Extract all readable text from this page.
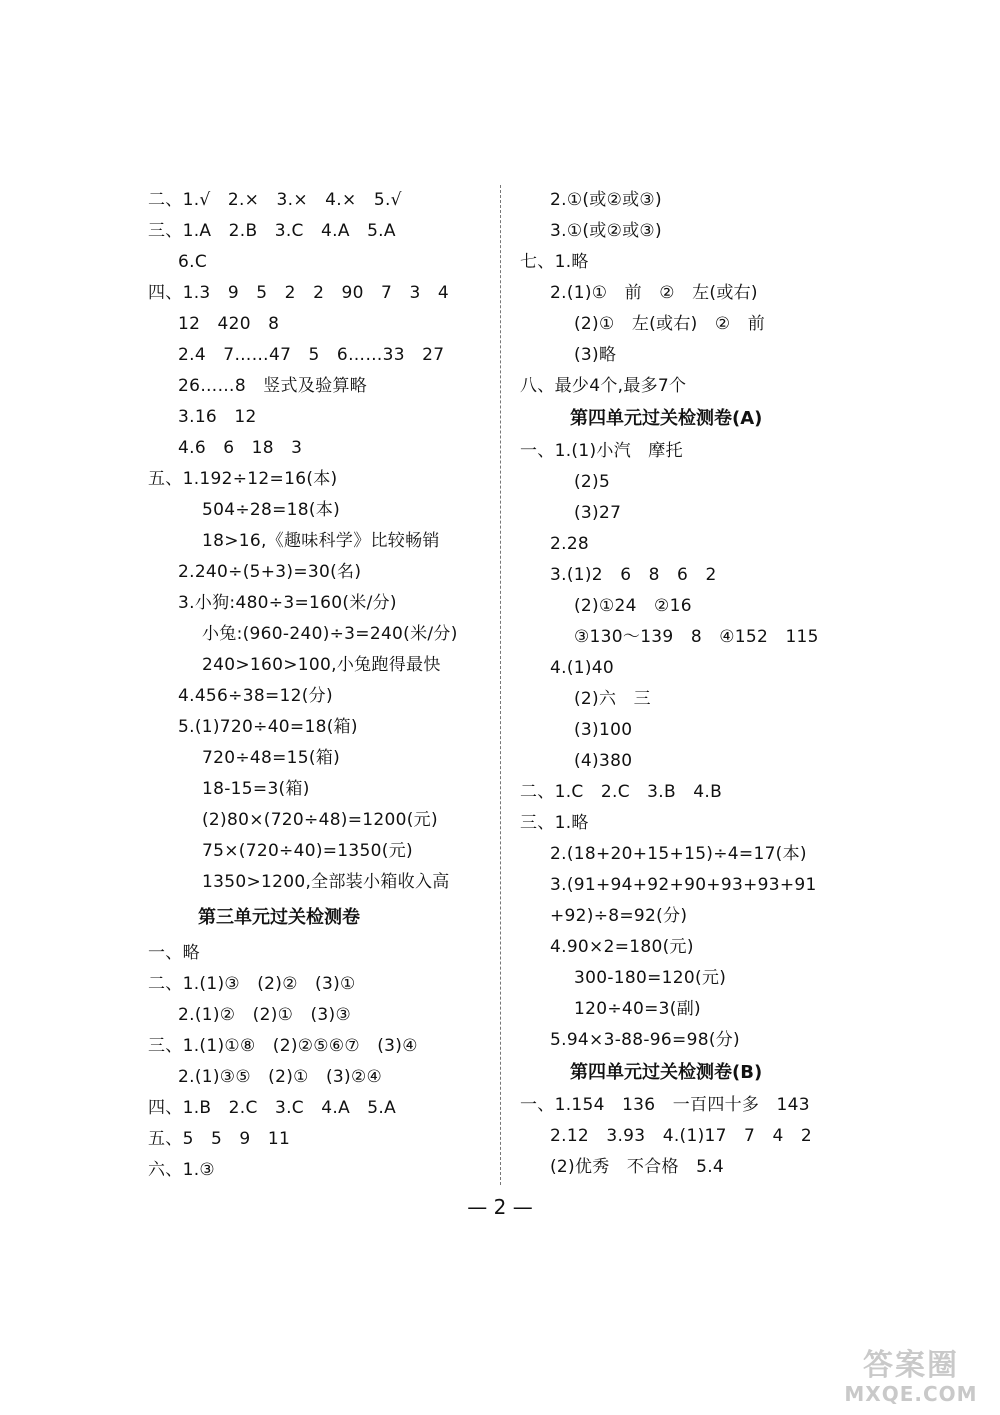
二、1.√　2.×　3.×　4.×　5.√
三、1.A　2.B　3.C　4.A　5.A
6.C
四、1.3　9　5　2　2　90　7　3　4
12　420　8
2.4　7……47　5　6……33　27
26……8　竖式及验算略
3.16　12
4.6　6　18　3
五、1.192÷12=16(本)
504÷28=18(本)
18>16,《趣味科学》比较畅销
2.240÷(5+3)=30(名)
3.小狗:480÷3=160(米/分)
小兔:(960-240)÷3=240(米/分)
240>160>100,小兔跑得最快
4.456÷38=12(分)
5.(1)720÷40=18(箱)
720÷48=15(箱)
18-15=3(箱)
(2)80×(720÷48)=1200(元)
75×(720÷40)=1350(元)
1350>1200,全部装小箱收入高
第三单元过关检测卷
一、略
二、1.(1)③　(2)②　(3)①
2.(1)②　(2)①　(3)③
三、1.(1)①⑧　(2)②⑤⑥⑦　(3)④
2.(1)③⑤　(2)①　(3)②④
四、1.B　2.C　3.C　4.A　5.A
五、5　5　9　11
六、1.③
2.①(或②或③)
3.①(或②或③)
七、1.略
2.(1)①　前　②　左(或右)
(2)①　左(或右)　②　前
(3)略
八、最少4个,最多7个
第四单元过关检测卷(A)
一、1.(1)小汽　摩托
(2)5
(3)27
2.28
3.(1)2　6　8　6　2
(2)①24　②16
③130～139　8　④152　115
4.(1)40
(2)六　三
(3)100
(4)380
二、1.C　2.C　3.B　4.B
三、1.略
2.(18+20+15+15)÷4=17(本)
3.(91+94+92+90+93+93+91
+92)÷8=92(分)
4.90×2=180(元)
300-180=120(元)
120÷40=3(副)
5.94×3-88-96=98(分)
第四单元过关检测卷(B)
一、1.154　136　一百四十多　143
2.12　3.93　4.(1)17　7　4　2
(2)优秀　不合格　5.4
— 2 —
答案圈
MXQE.COM
